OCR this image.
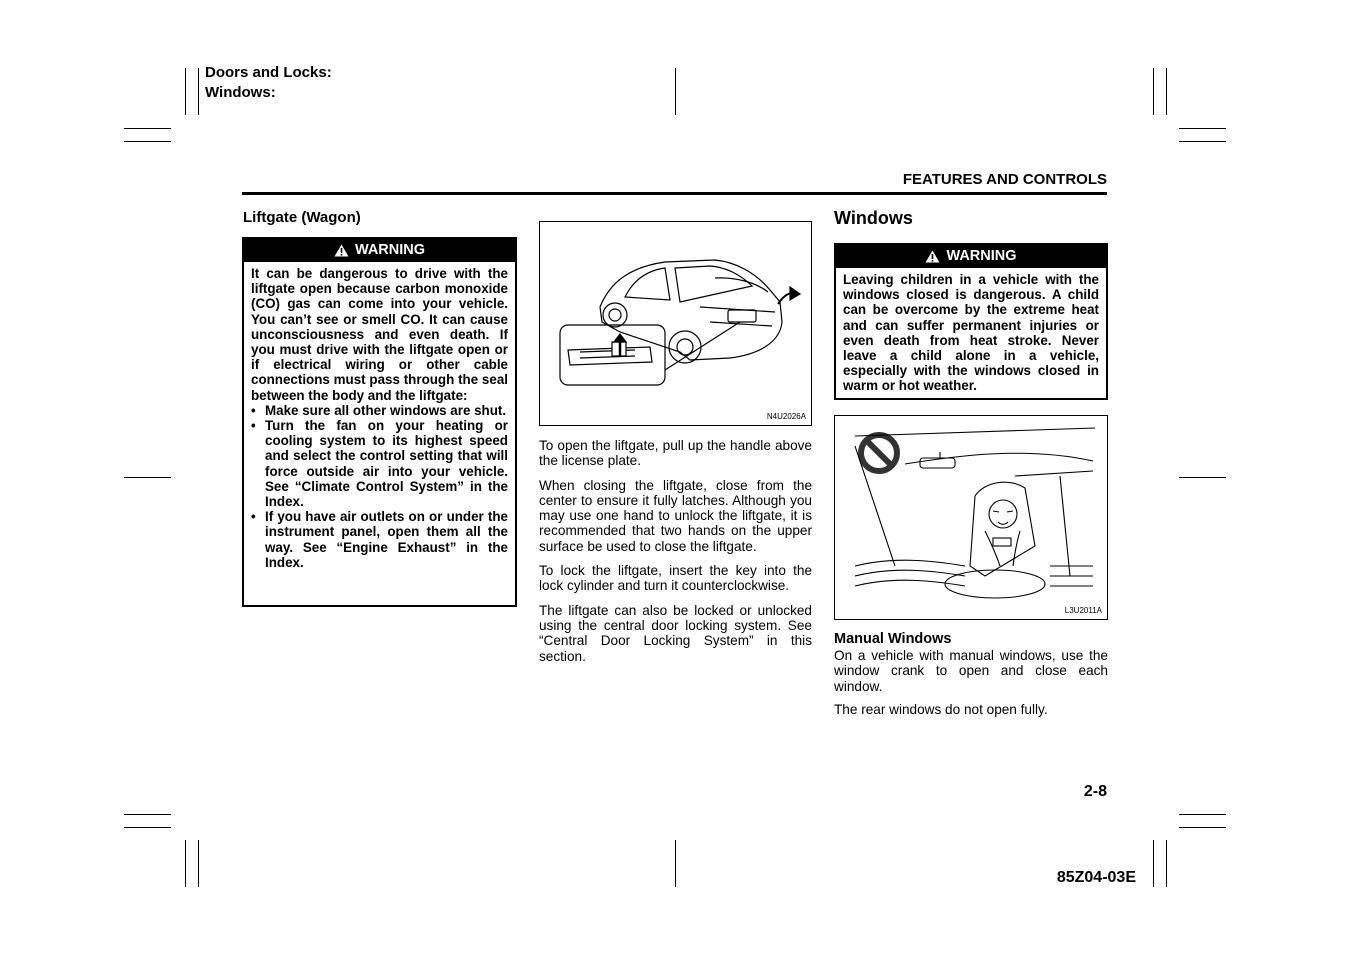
Doors and Locks:
Windows:
FEATURES AND CONTROLS
Liftgate (Wagon)
WARNING
It can be dangerous to drive with the liftgate open because carbon monoxide (CO) gas can come into your vehicle. You can’t see or smell CO. It can cause unconsciousness and even death. If you must drive with the liftgate open or if electrical wiring or other cable connections must pass through the seal between the body and the liftgate:
• Make sure all other windows are shut.
• Turn the fan on your heating or cooling system to its highest speed and select the control setting that will force outside air into your vehicle. See “Climate Control System” in the Index.
• If you have air outlets on or under the instrument panel, open them all the way. See “Engine Exhaust” in the Index.
N4U2026A

To open the liftgate, pull up the handle above the license plate.

When closing the liftgate, close from the center to ensure it fully latches. Although you may use one hand to unlock the liftgate, it is recommended that two hands on the upper surface be used to close the liftgate.

To lock the liftgate, insert the key into the lock cylinder and turn it counterclockwise.

The liftgate can also be locked or unlocked using the central door locking system. See “Central Door Locking System” in this section.

Windows
WARNING
Leaving children in a vehicle with the windows closed is dangerous. A child can be overcome by the extreme heat and can suffer permanent injuries or even death from heat stroke. Never leave a child alone in a vehicle, especially with the windows closed in warm or hot weather.
L3U2011A
Manual Windows

On a vehicle with manual windows, use the window crank to open and close each window.

The rear windows do not open fully.

2-8
85Z04-03E
